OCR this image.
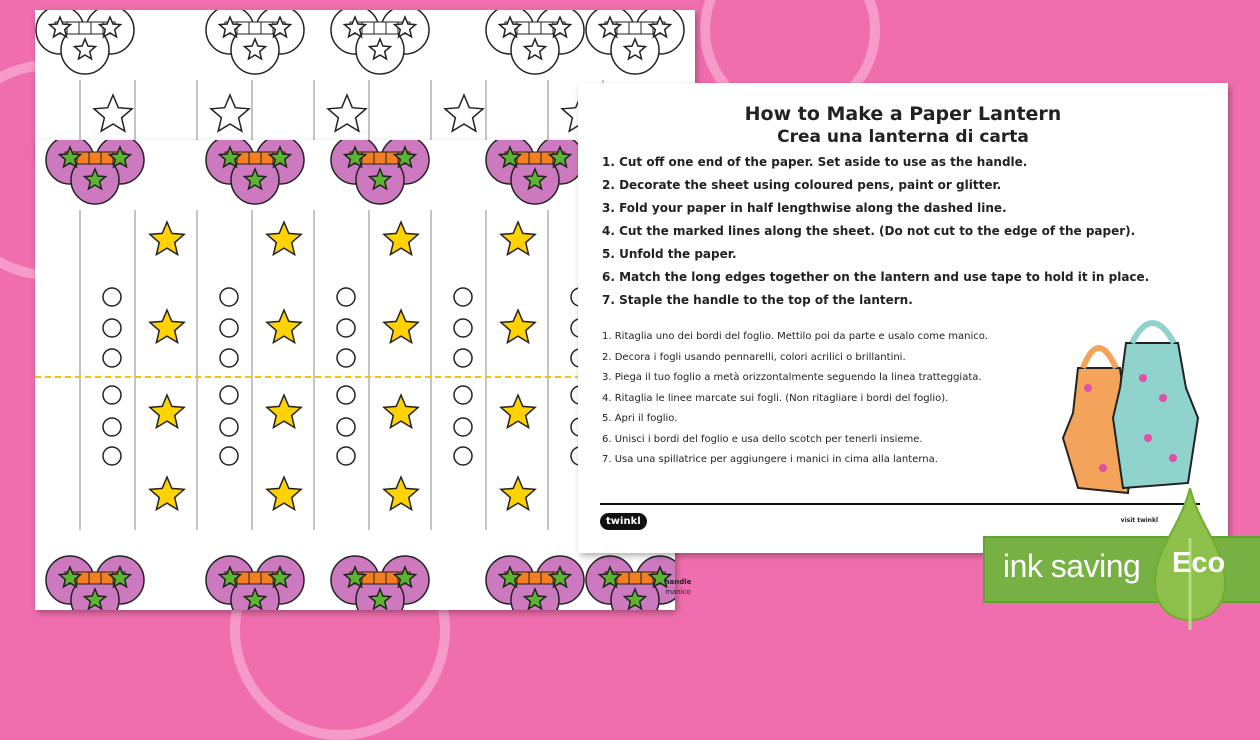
handle
manico
How to Make a Paper Lantern
Crea una lanterna di carta
1. Cut off one end of the paper. Set aside to use as the handle.
2. Decorate the sheet using coloured pens, paint or glitter.
3. Fold your paper in half lengthwise along the dashed line.
4. Cut the marked lines along the sheet. (Do not cut to the edge of the paper).
5. Unfold the paper.
6. Match the long edges together on the lantern and use tape to hold it in place.
7. Staple the handle to the top of the lantern.
1. Ritaglia uno dei bordi del foglio. Mettilo poi da parte e usalo come manico.
2. Decora i fogli usando pennarelli, colori acrilici o brillantini.
3. Piega il tuo foglio a metà orizzontalmente seguendo la linea tratteggiata.
4. Ritaglia le linee marcate sui fogli. (Non ritagliare i bordi del foglio).
5. Apri il foglio.
6. Unisci i bordi del foglio e usa dello scotch per tenerli insieme.
7. Usa una spillatrice per aggiungere i manici in cima alla lanterna.
twinkl	visit twinkl
ink saving Eco
